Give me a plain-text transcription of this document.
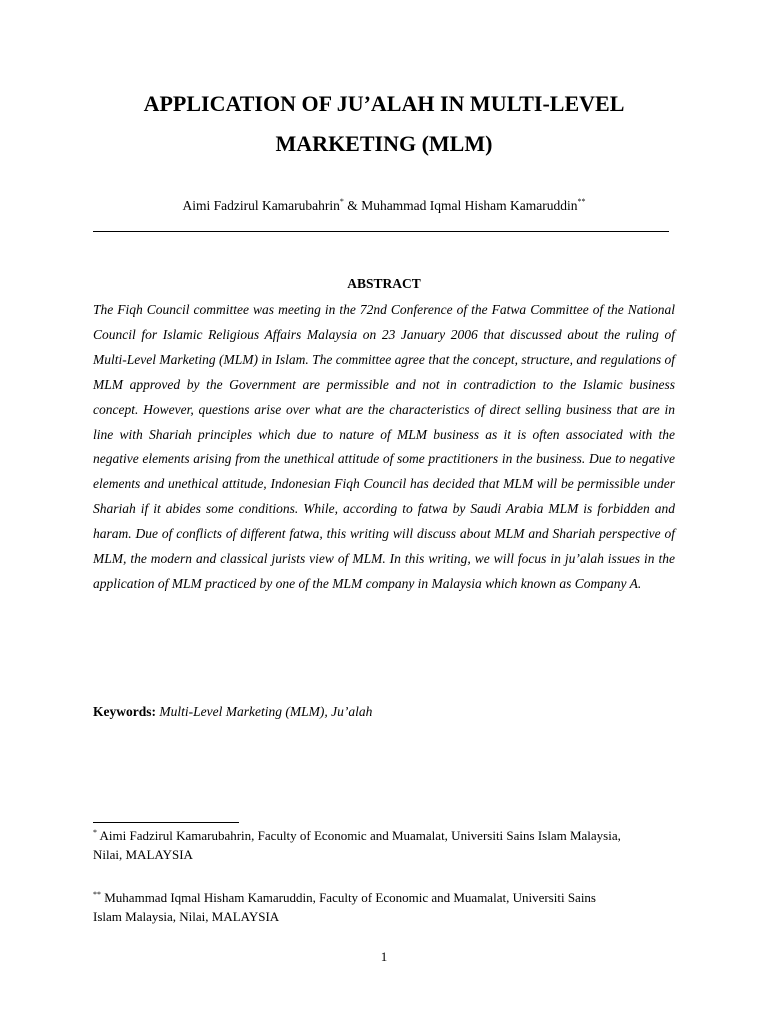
APPLICATION OF JU’ALAH IN MULTI-LEVEL
MARKETING (MLM)
Aimi Fadzirul Kamarubahrin* & Muhammad Iqmal Hisham Kamaruddin**
ABSTRACT

The Fiqh Council committee was meeting in the 72nd Conference of the Fatwa Committee of the National Council for Islamic Religious Affairs Malaysia on 23 January 2006 that discussed about the ruling of Multi-Level Marketing (MLM) in Islam. The committee agree that the concept, structure, and regulations of MLM approved by the Government are permissible and not in contradiction to the Islamic business concept. However, questions arise over what are the characteristics of direct selling business that are in line with Shariah principles which due to nature of MLM business as it is often associated with the negative elements arising from the unethical attitude of some practitioners in the business. Due to negative elements and unethical attitude, Indonesian Fiqh Council has decided that MLM will be permissible under Shariah if it abides some conditions. While, according to fatwa by Saudi Arabia MLM is forbidden and haram. Due of conflicts of different fatwa, this writing will discuss about MLM and Shariah perspective of MLM, the modern and classical jurists view of MLM. In this writing, we will focus in ju’alah issues in the application of MLM practiced by one of the MLM company in Malaysia which known as Company A.

Keywords: Multi-Level Marketing (MLM), Ju’alah
* Aimi Fadzirul Kamarubahrin, Faculty of Economic and Muamalat, Universiti Sains Islam Malaysia,
Nilai, MALAYSIA
** Muhammad Iqmal Hisham Kamaruddin, Faculty of Economic and Muamalat, Universiti Sains
Islam Malaysia, Nilai, MALAYSIA
1
